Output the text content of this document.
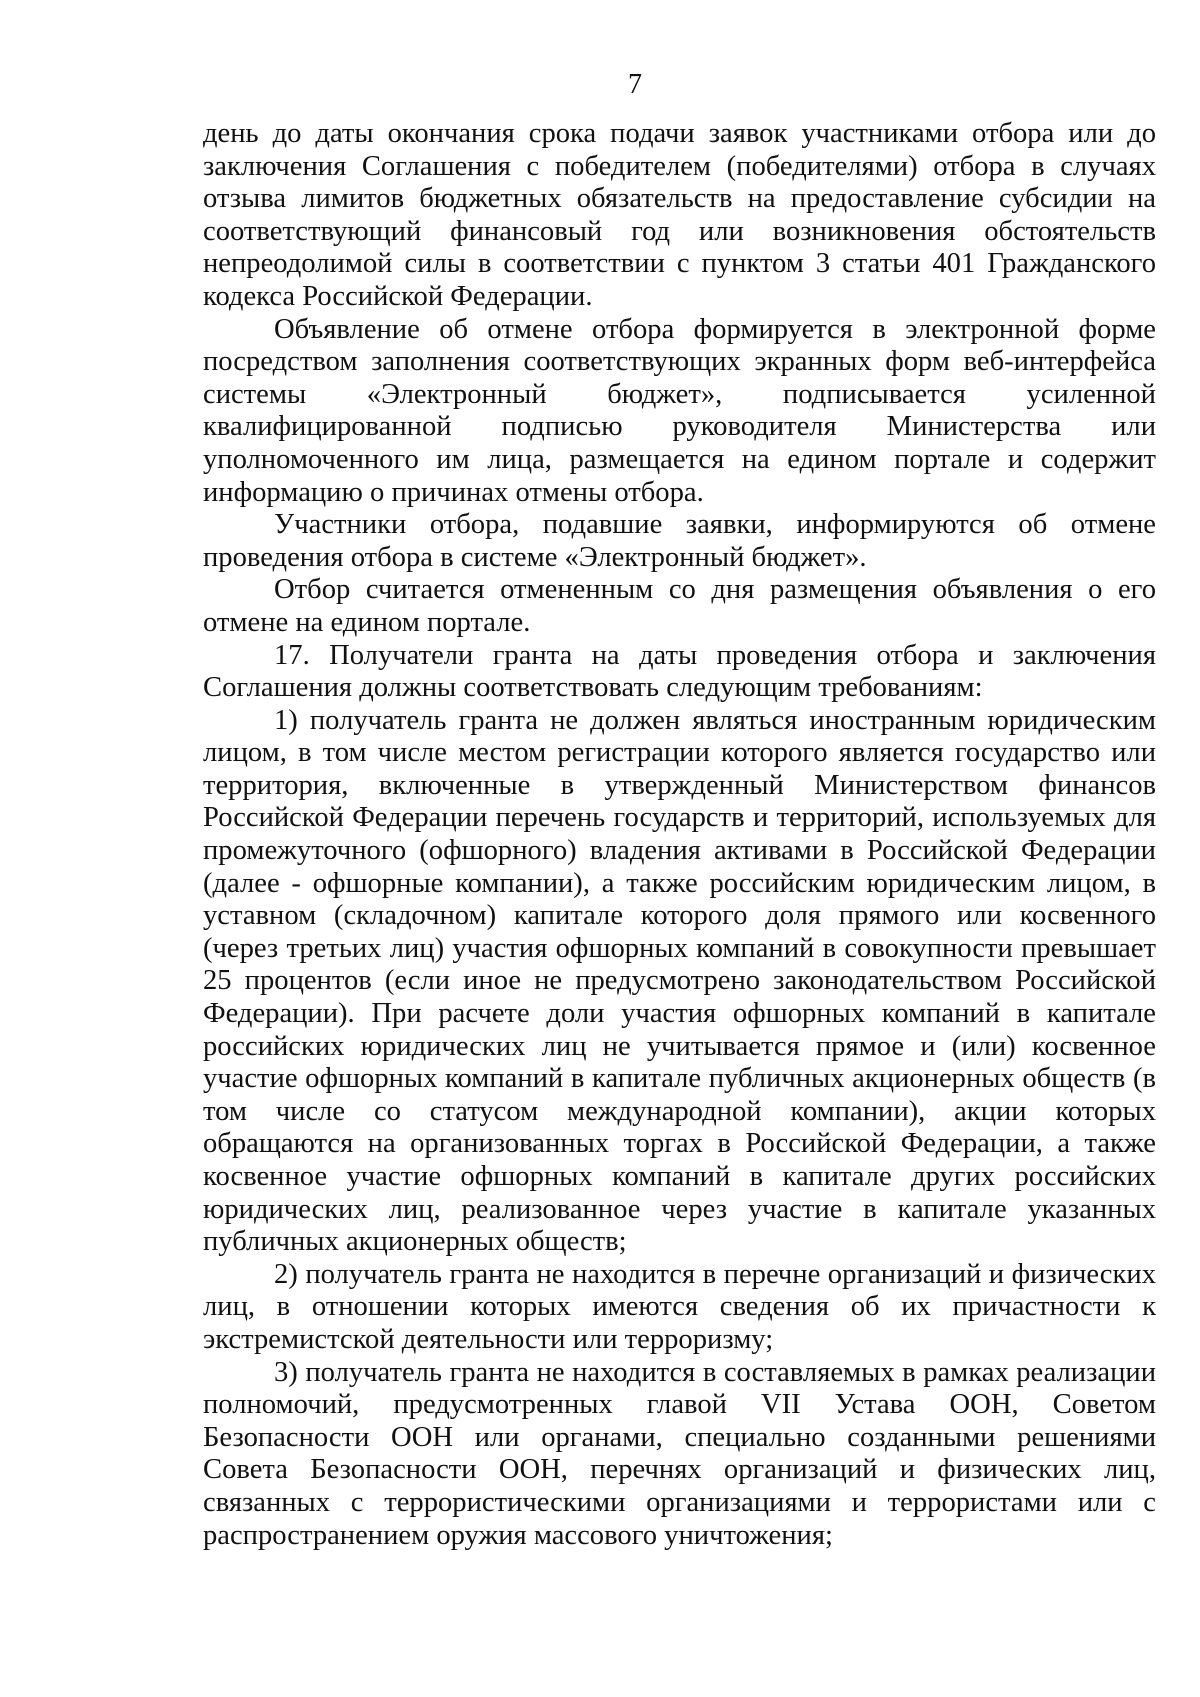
7

день до даты окончания срока подачи заявок участниками отбора или до заключения Соглашения с победителем (победителями) отбора в случаях отзыва лимитов бюджетных обязательств на предоставление субсидии на соответствующий финансовый год или возникновения обстоятельств непреодолимой силы в соответствии с пунктом 3 статьи 401 Гражданского кодекса Российской Федерации.

Объявление об отмене отбора формируется в электронной форме посредством заполнения соответствующих экранных форм веб-интерфейса системы «Электронный бюджет», подписывается усиленной квалифицированной подписью руководителя Министерства или уполномоченного им лица, размещается на едином портале и содержит информацию о причинах отмены отбора.

Участники отбора, подавшие заявки, информируются об отмене проведения отбора в системе «Электронный бюджет».

Отбор считается отмененным со дня размещения объявления о его отмене на едином портале.

17. Получатели гранта на даты проведения отбора и заключения Соглашения должны соответствовать следующим требованиям:

1) получатель гранта не должен являться иностранным юридическим лицом, в том числе местом регистрации которого является государство или территория, включенные в утвержденный Министерством финансов Российской Федерации перечень государств и территорий, используемых для промежуточного (офшорного) владения активами в Российской Федерации (далее - офшорные компании), а также российским юридическим лицом, в уставном (складочном) капитале которого доля прямого или косвенного (через третьих лиц) участия офшорных компаний в совокупности превышает 25 процентов (если иное не предусмотрено законодательством Российской Федерации). При расчете доли участия офшорных компаний в капитале российских юридических лиц не учитывается прямое и (или) косвенное участие офшорных компаний в капитале публичных акционерных обществ (в том числе со статусом международной компании), акции которых обращаются на организованных торгах в Российской Федерации, а также косвенное участие офшорных компаний в капитале других российских юридических лиц, реализованное через участие в капитале указанных публичных акционерных обществ;

2) получатель гранта не находится в перечне организаций и физических лиц, в отношении которых имеются сведения об их причастности к экстремистской деятельности или терроризму;

3) получатель гранта не находится в составляемых в рамках реализации полномочий, предусмотренных главой VII Устава ООН, Советом Безопасности ООН или органами, специально созданными решениями Совета Безопасности ООН, перечнях организаций и физических лиц, связанных с террористическими организациями и террористами или с распространением оружия массового уничтожения;
